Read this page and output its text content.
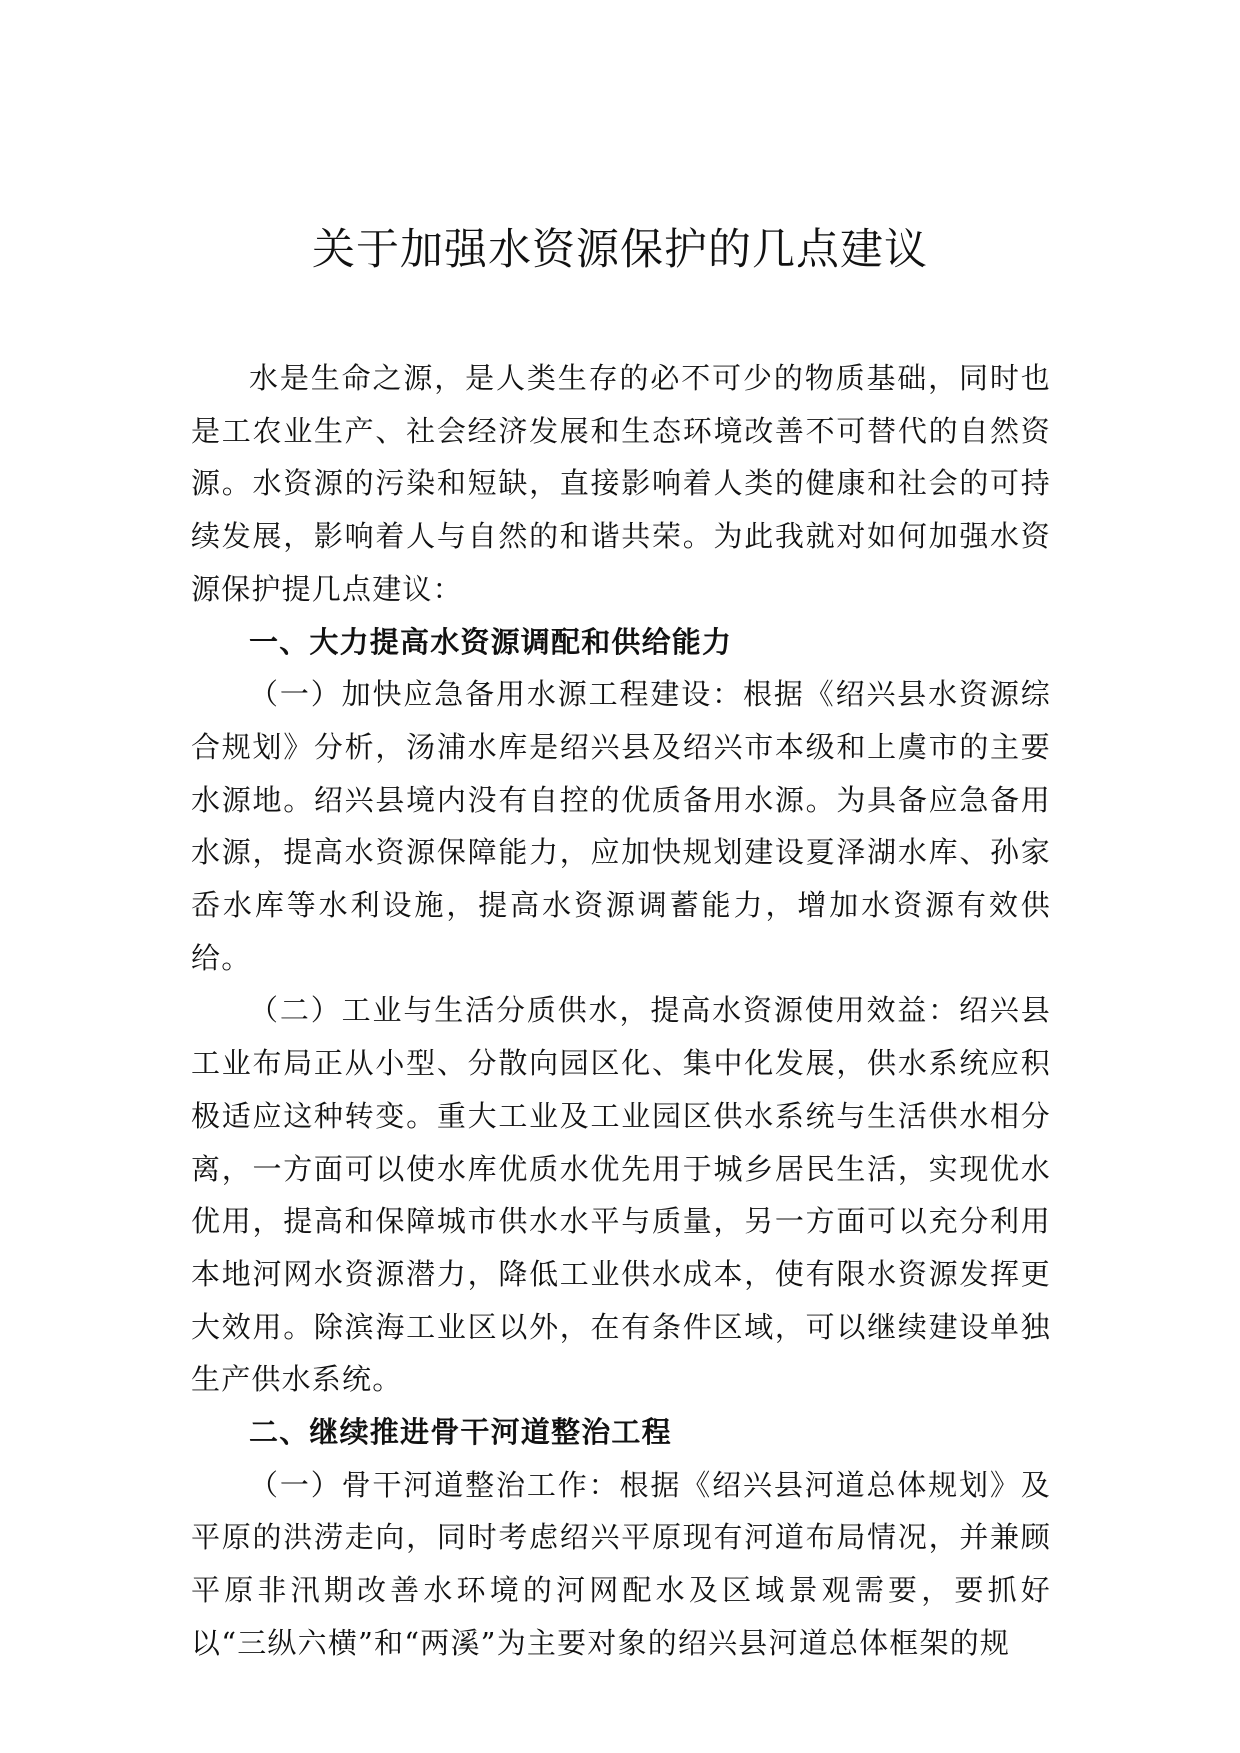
关于加强水资源保护的几点建议

水是生命之源，是人类生存的必不可少的物质基础，同时也是工农业生产、社会经济发展和生态环境改善不可替代的自然资源。水资源的污染和短缺，直接影响着人类的健康和社会的可持续发展，影响着人与自然的和谐共荣。为此我就对如何加强水资源保护提几点建议：

一、大力提高水资源调配和供给能力

（一）加快应急备用水源工程建设：根据《绍兴县水资源综合规划》分析，汤浦水库是绍兴县及绍兴市本级和上虞市的主要水源地。绍兴县境内没有自控的优质备用水源。为具备应急备用水源，提高水资源保障能力，应加快规划建设夏泽湖水库、孙家岙水库等水利设施，提高水资源调蓄能力，增加水资源有效供给。

（二）工业与生活分质供水，提高水资源使用效益：绍兴县工业布局正从小型、分散向园区化、集中化发展，供水系统应积极适应这种转变。重大工业及工业园区供水系统与生活供水相分离，一方面可以使水库优质水优先用于城乡居民生活，实现优水优用，提高和保障城市供水水平与质量，另一方面可以充分利用本地河网水资源潜力，降低工业供水成本，使有限水资源发挥更大效用。除滨海工业区以外，在有条件区域，可以继续建设单独生产供水系统。

二、继续推进骨干河道整治工程

（一）骨干河道整治工作：根据《绍兴县河道总体规划》及平原的洪涝走向，同时考虑绍兴平原现有河道布局情况，并兼顾平原非汛期改善水环境的河网配水及区域景观需要，要抓好以“三纵六横”和“两溪”为主要对象的绍兴县河道总体框架的规
